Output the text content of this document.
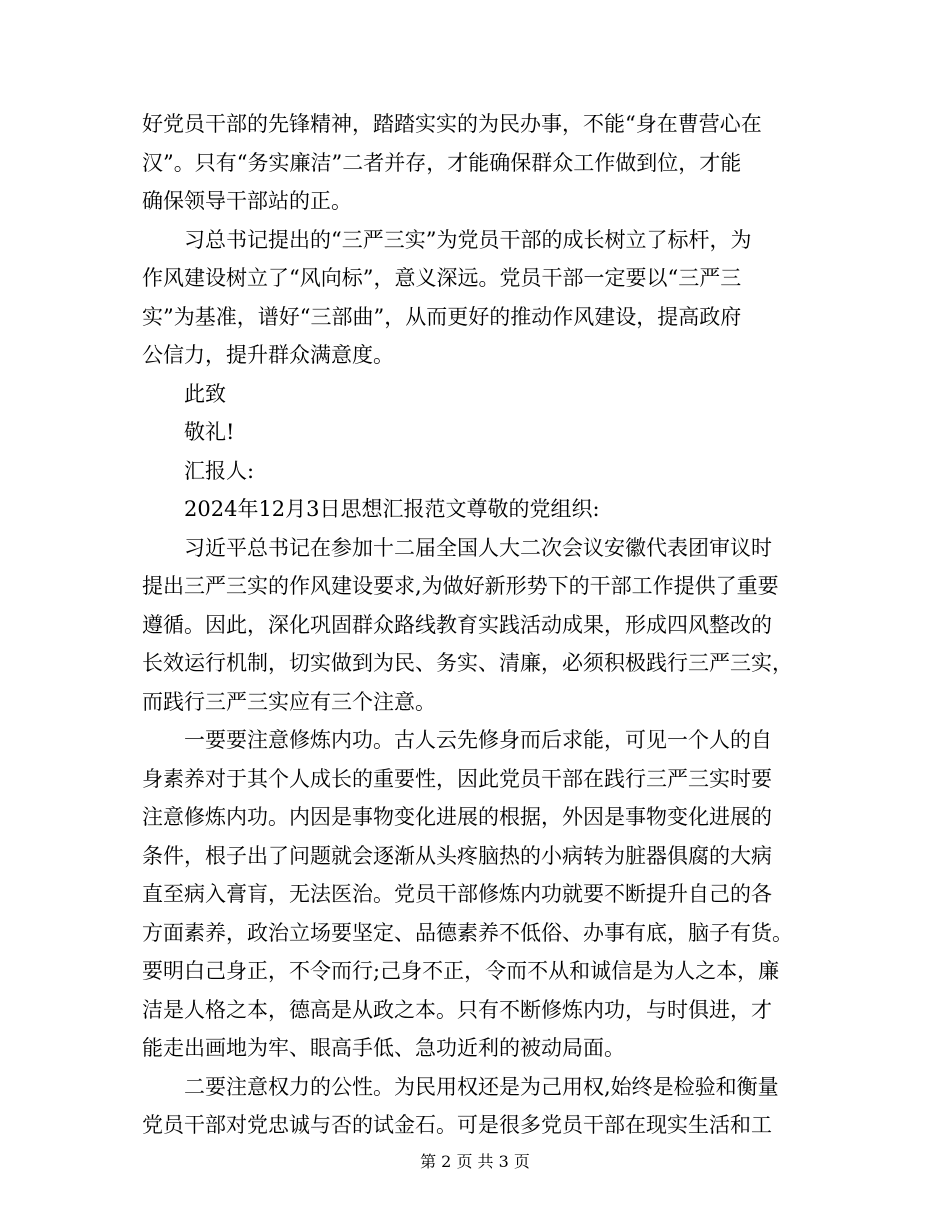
好党员干部的先锋精神，踏踏实实的为民办事，不能“身在曹营心在
汉”。只有“务实廉洁”二者并存，才能确保群众工作做到位，才能
确保领导干部站的正。
　　习总书记提出的“三严三实”为党员干部的成长树立了标杆，为
作风建设树立了“风向标”，意义深远。党员干部一定要以“三严三
实”为基准，谱好“三部曲”，从而更好的推动作风建设，提高政府
公信力，提升群众满意度。
　　此致
　　敬礼!
　　汇报人:
　　2024年12月3日思想汇报范文尊敬的党组织:
　　习近平总书记在参加十二届全国人大二次会议安徽代表团审议时
提出三严三实的作风建设要求,为做好新形势下的干部工作提供了重要
遵循。因此，深化巩固群众路线教育实践活动成果，形成四风整改的
长效运行机制，切实做到为民、务实、清廉，必须积极践行三严三实，
而践行三严三实应有三个注意。
　　一要要注意修炼内功。古人云先修身而后求能，可见一个人的自
身素养对于其个人成长的重要性，因此党员干部在践行三严三实时要
注意修炼内功。内因是事物变化进展的根据，外因是事物变化进展的
条件，根子出了问题就会逐渐从头疼脑热的小病转为脏器俱腐的大病
直至病入膏肓，无法医治。党员干部修炼内功就要不断提升自己的各
方面素养，政治立场要坚定、品德素养不低俗、办事有底，脑子有货。
要明白己身正，不令而行;己身不正，令而不从和诚信是为人之本，廉
洁是人格之本，德高是从政之本。只有不断修炼内功，与时俱进，才
能走出画地为牢、眼高手低、急功近利的被动局面。
　　二要注意权力的公性。为民用权还是为己用权,始终是检验和衡量
党员干部对党忠诚与否的试金石。可是很多党员干部在现实生活和工
第 2 页 共 3 页
